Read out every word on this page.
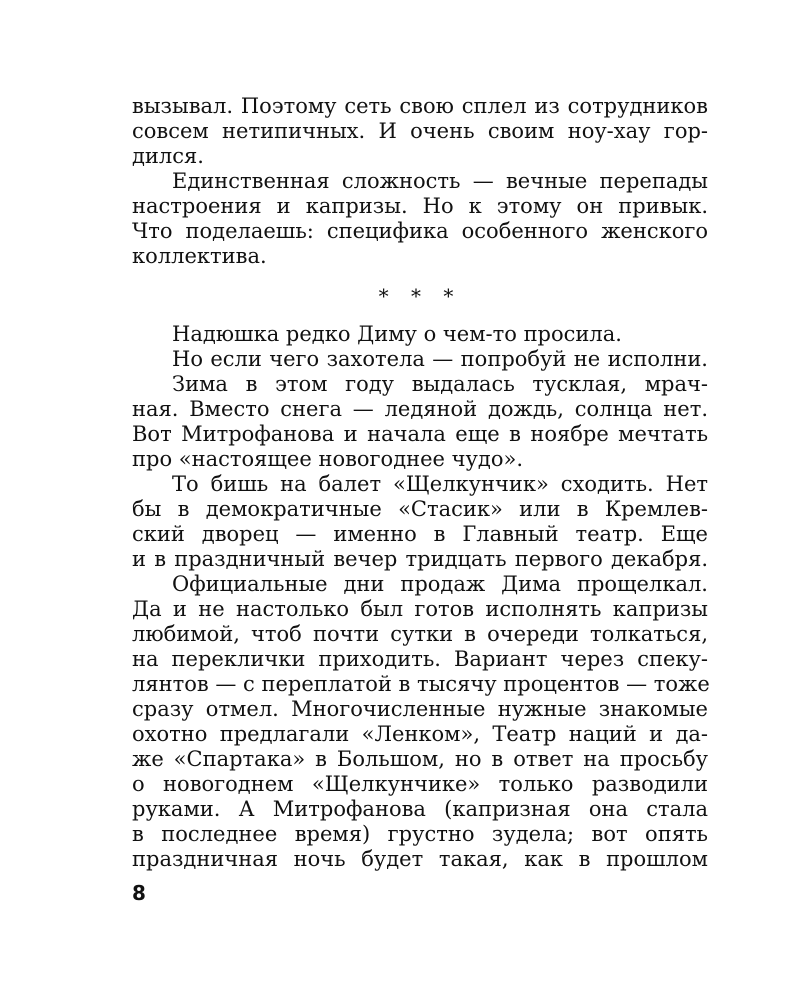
вызывал. Поэтому сеть свою сплел из сотрудников
совсем нетипичных. И очень своим ноу-хау гор-
дился.
Единственная сложность — вечные перепады
настроения и капризы. Но к этому он привык.
Что поделаешь: специфика особенного женского
коллектива.
* * *
Надюшка редко Диму о чем-то просила.
Но если чего захотела — попробуй не исполни.
Зима в этом году выдалась тусклая, мрач-
ная. Вместо снега — ледяной дождь, солнца нет.
Вот Митрофанова и начала еще в ноябре мечтать
про «настоящее новогоднее чудо».
То бишь на балет «Щелкунчик» сходить. Нет
бы в демократичные «Стасик» или в Кремлев-
ский дворец — именно в Главный театр. Еще
и в праздничный вечер тридцать первого декабря.
Официальные дни продаж Дима прощелкал.
Да и не настолько был готов исполнять капризы
любимой, чтоб почти сутки в очереди толкаться,
на переклички приходить. Вариант через спеку-
лянтов — с переплатой в тысячу процентов — тоже
сразу отмел. Многочисленные нужные знакомые
охотно предлагали «Ленком», Театр наций и да-
же «Спартака» в Большом, но в ответ на просьбу
о новогоднем «Щелкунчике» только разводили
руками. А Митрофанова (капризная она стала
в последнее время) грустно зудела; вот опять
праздничная ночь будет такая, как в прошлом
8
